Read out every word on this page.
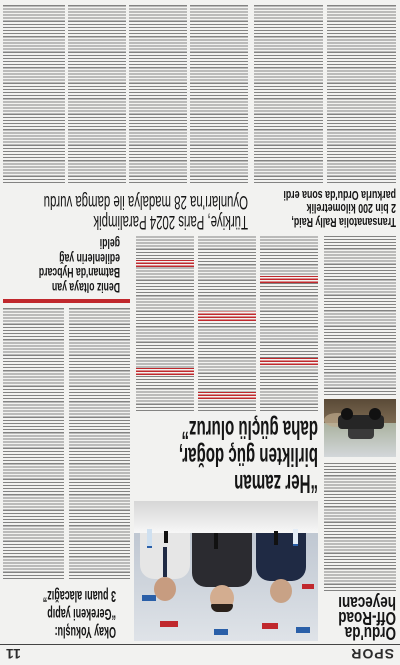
SPOR
11
Ordu'da
Off-Road
heyecanı
Okay Yokuşlu:
“Gerekeni yapıp
3 puanı alacağız”
“Her zaman
birlikten güç doğar,
daha güçlü oluruz”
Deniz oltaya yan
Batman'da Hybcard
edilenlerin yağ
geldi
Transanatolia Rally Raid,
2 bin 200 kilometrelik
parkurla Ordu'da sona erdi
Türkiye, Paris 2024 Paralimpik
Oyunları'na 28 madalya ile damga vurdu
